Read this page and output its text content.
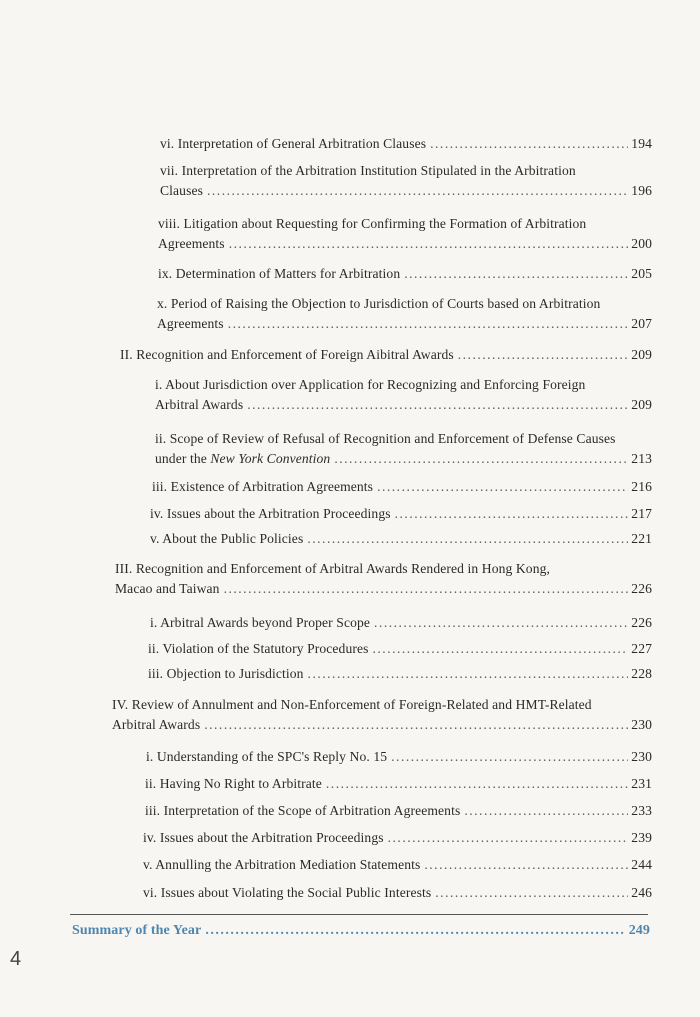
vi. Interpretation of General Arbitration Clauses .....	194
vii. Interpretation of the Arbitration Institution Stipulated in the Arbitration
Clauses .....	196
viii. Litigation about Requesting for Confirming the Formation of Arbitration
Agreements .....	200
ix. Determination of Matters for Arbitration .....	205
x. Period of Raising the Objection to Jurisdiction of Courts based on Arbitration
Agreements .....	207
II. Recognition and Enforcement of Foreign Aibitral Awards .....	209
i. About Jurisdiction over Application for Recognizing and Enforcing Foreign
Arbitral Awards .....	209
ii. Scope of Review of Refusal of Recognition and Enforcement of Defense Causes
under the New York Convention .....	213
iii. Existence of Arbitration Agreements .....	216
iv. Issues about the Arbitration Proceedings .....	217
v. About the Public Policies .....	221
III. Recognition and Enforcement of Arbitral Awards Rendered in Hong Kong,
Macao and Taiwan .....	226
i. Arbitral Awards beyond Proper Scope .....	226
ii. Violation of the Statutory Procedures .....	227
iii. Objection to Jurisdiction .....	228
IV. Review of Annulment and Non-Enforcement of Foreign-Related and HMT-Related
Arbitral Awards .....	230
i. Understanding of the SPC's Reply No. 15 .....	230
ii. Having No Right to Arbitrate .....	231
iii. Interpretation of the Scope of Arbitration Agreements .....	233
iv. Issues about the Arbitration Proceedings .....	239
v. Annulling the Arbitration Mediation Statements .....	244
vi. Issues about Violating the Social Public Interests .....	246
Summary of the Year .....	249
4
